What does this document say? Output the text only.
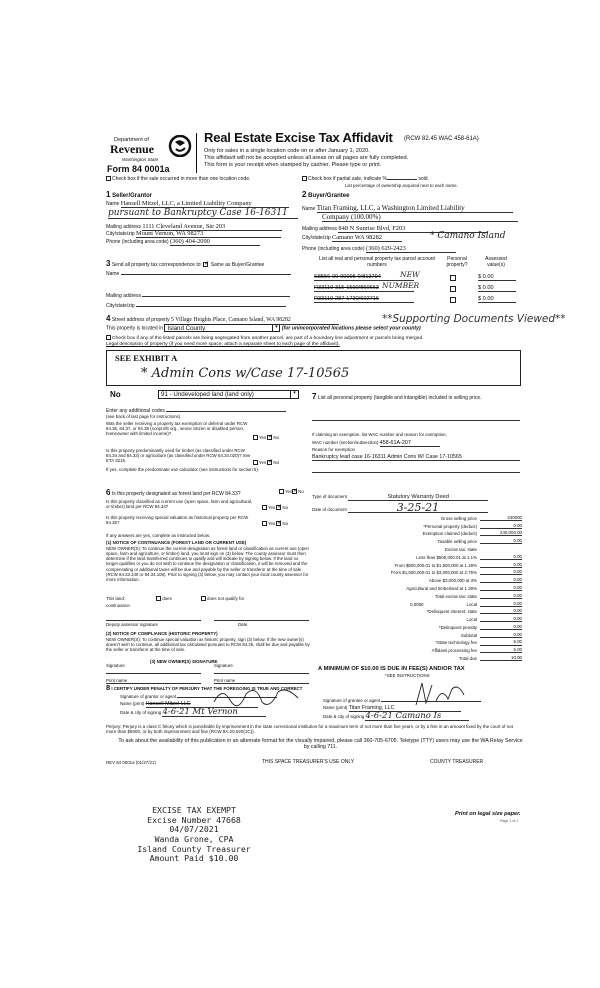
Department of
Revenue
Washington State
Form 84 0001a
Real Estate Excise Tax Affidavit (RCW 82.45 WAC 458-61A)
Only for sales in a single location code on or after January 1, 2020.
This affidavit will not be accepted unless all areas on all pages are fully completed.
This form is your receipt when stamped by cashier. Please type or print.
Check box if the sale occurred in more than one location code.	Check box if partial sale, indicate %	sold.
List percentage of ownership acquired next to each name.
1 Seller/Grantor
Name Hansell Mitzel, LLC, a Limited Liability Company
pursuant to Bankruptcy Case 16-16311
Mailing address 1111 Cleveland Avenue, Ste 203
City/state/zip Mount Vernon, WA 98273
Phone (including area code) (360) 404-2090
2 Buyer/Grantee
Name Titan Framing, LLC, a Washington Limited Liability
Company (100.00%)
Mailing address 848 N Sunrise Blvd, F203
City/state/zip Camano WA 98282	* Camano Island
Phone (including area code) (360) 629-2423
3 Send all property tax correspondence to: ✓ Same as Buyer/Grantee
Name
Mailing address
City/state/zip
List all real and personal property tax parcel account numbers
Personal property?
Assessed value(s)
S8556-00-00005-0/813794	NEW	$ 0.00
R33119-315-1590/860663 NUMBER	$ 0.00
R33119-287-1730/602716	$ 0.00
4 Street address of property 5 Village Heights Place, Camano Island, WA 98282	**Supporting Documents Viewed**
This property is located in Island County	▾ (for unincorporated locations please select your county)
Check box if any of the listed parcels are being segregated from another parcel, are part of a boundary line adjustment or parcels being merged.
Legal description of property (if you need more space, attach a separate sheet to each page of the affidavit).
SEE EXHIBIT A
* Admin Cons w/Case 17-10565
No	91 - Undeveloped land (land only)	▾
Enter any additional codes
(see back of last page for instructions)
Was the seller receiving a property tax exemption or deferral under RCW 84.36, 84.37, or 84.38 (nonprofit org., senior citizen or disabled person, homeowner with limited income)?
Yes ✓ No
Is this property predominantly used for timber (as classified under RCW 84.34 and 84.33) or agriculture (as classified under RCW 84.34.020)? See ETA 3215.	Yes ✓ No
If yes, complete the predominate use calculator (see instructions for section 5).
6 Is this property designated as forest land per RCW 84.33?	Yes ✓ No
Is this property classified as current use (open space, farm and agricultural, or timber) land per RCW 84.34?	Yes ✓ No
Is this property receiving special valuation as historical property per RCW 84.26?	Yes ✓ No
If any answers are yes, complete as instructed below.
(1) NOTICE OF CONTINUANCE (FOREST LAND OR CURRENT USE)
NEW OWNER(S): To continue the current designation as forest land or classification as current use (open space, farm and agriculture, or timber) land, you must sign on (3) below. The county assessor must then determine if the land transferred continues to qualify and will indicate by signing below. If the land no longer qualifies or you do not wish to continue the designation or classification, it will be removed and the compensating or additional taxes will be due and payable by the seller or transferor at the time of sale (RCW 84.33.140 or 84.34.108). Prior to signing (3) below, you may contact your local county assessor for more information.
This land:	does	does not qualify for
continuance.
Deputy assessor signature	Date
(2) NOTICE OF COMPLIANCE (HISTORIC PROPERTY)
NEW OWNER(S): To continue special valuation as historic property, sign (3) below. If the new owner(s) doesn't wish to continue, all additional tax calculated pursuant to RCW 84.26, shall be due and payable by the seller or transferor at the time of sale.
(3) NEW OWNER(S) SIGNATURE
Signature	Signature
Print name	Print name
7 List all personal property (tangible and intangible) included in selling price.
If claiming an exemption, list WAC number and reason for exemption.
WAC number (section/subsection) 458-61A-207
Reason for exemption
Bankruptcy lead case 16-16311 Admin Cons W/ Case 17-10565
Type of document	Statutory Warranty Deed
Date of document	3-25-21
Gross selling price	240000
*Personal property (deduct)	0.00
Exemption claimed (deduct)	240,000.00
Taxable selling price	0.00
Excise tax: state
Less than $500,000.01 at 1.1%	0.00
From $500,000.01 to $1,500,000 at 1.28%	0.00
From $1,500,000.01 to $3,000,000 at 2.75%	0.00
Above $3,000,000 at 3%	0.00
Agricultural and timberland at 1.28%	0.00
Total excise tax: state	0.00
0.0050	Local	0.00
*Delinquent interest: state	0.00
Local	0.00
*Delinquent penalty	0.00
Subtotal	0.00
*State technology fee	5.00
Affidavit processing fee	5.00
Total due	10.00
A MINIMUM OF $10.00 IS DUE IN FEE(S) AND/OR TAX
*SEE INSTRUCTIONS
8 I CERTIFY UNDER PENALTY OF PERJURY THAT THE FOREGOING IS TRUE AND CORRECT
Signature of grantor or agent
Name (print) Hansell Mitzel LLC
Date & city of signing 4-6-21 Mt Vernon
Signature of grantee or agent
Name (print) Titan Framing, LLC
Date & city of signing 4-6-21 Camano Is
Perjury: Perjury is a class C felony which is punishable by imprisonment in the state correctional institution for a maximum term of not more than five years, or by a fine in an amount fixed by the court of not more than $5000, or by both imprisonment and fine (RCW 9A.20.020(1C)).
To ask about the availability of this publication in an alternate format for the visually impaired, please call 360-705-6705. Teletype (TTY) users may use the WA Relay Service by calling 711.
REV 84 0001a (01/27/21)	THIS SPACE TREASURER'S USE ONLY	COUNTY TREASURER
EXCISE TAX EXEMPT
Excise Number 47668
04/07/2021
Wanda Grone, CPA
Island County Treasurer
Amount Paid $10.00
Print on legal size paper.
Page 1 of 1
